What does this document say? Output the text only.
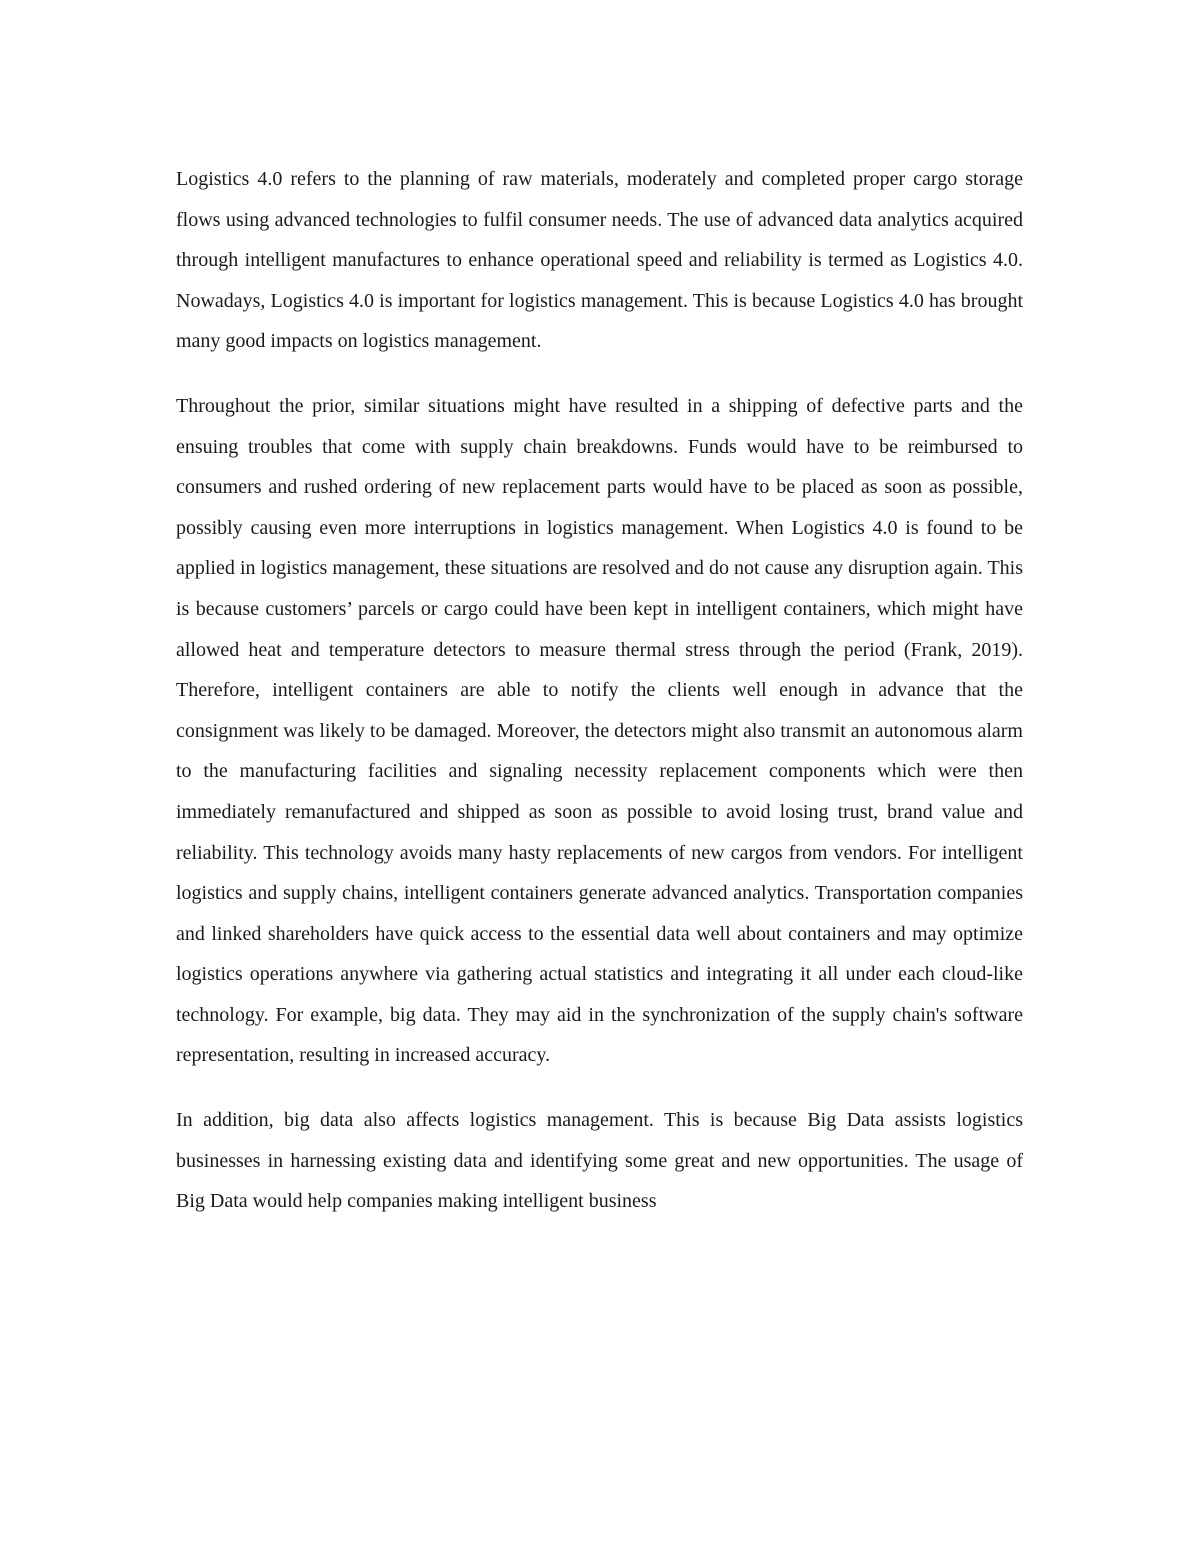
Logistics 4.0 refers to the planning of raw materials, moderately and completed proper cargo storage flows using advanced technologies to fulfil consumer needs. The use of advanced data analytics acquired through intelligent manufactures to enhance operational speed and reliability is termed as Logistics 4.0. Nowadays, Logistics 4.0 is important for logistics management. This is because Logistics 4.0 has brought many good impacts on logistics management.

Throughout the prior, similar situations might have resulted in a shipping of defective parts and the ensuing troubles that come with supply chain breakdowns. Funds would have to be reimbursed to consumers and rushed ordering of new replacement parts would have to be placed as soon as possible, possibly causing even more interruptions in logistics management. When Logistics 4.0 is found to be applied in logistics management, these situations are resolved and do not cause any disruption again. This is because customers’ parcels or cargo could have been kept in intelligent containers, which might have allowed heat and temperature detectors to measure thermal stress through the period (Frank, 2019). Therefore, intelligent containers are able to notify the clients well enough in advance that the consignment was likely to be damaged. Moreover, the detectors might also transmit an autonomous alarm to the manufacturing facilities and signaling necessity replacement components which were then immediately remanufactured and shipped as soon as possible to avoid losing trust, brand value and reliability. This technology avoids many hasty replacements of new cargos from vendors. For intelligent logistics and supply chains, intelligent containers generate advanced analytics. Transportation companies and linked shareholders have quick access to the essential data well about containers and may optimize logistics operations anywhere via gathering actual statistics and integrating it all under each cloud-like technology. For example, big data. They may aid in the synchronization of the supply chain's software representation, resulting in increased accuracy.

In addition, big data also affects logistics management. This is because Big Data assists logistics businesses in harnessing existing data and identifying some great and new opportunities. The usage of Big Data would help companies making intelligent business
